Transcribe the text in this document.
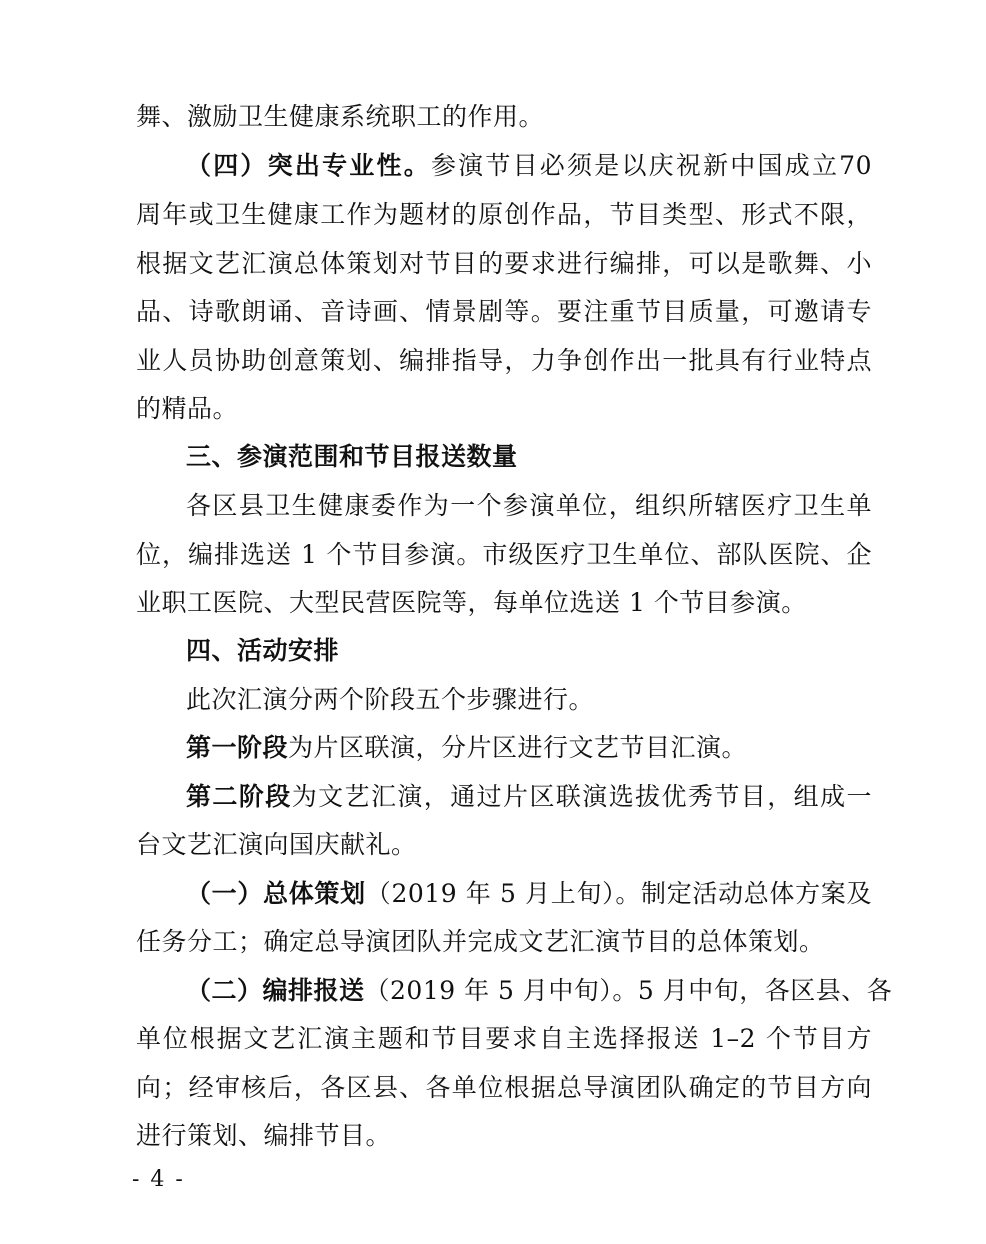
舞、激励卫生健康系统职工的作用。
（四）突出专业性。参演节目必须是以庆祝新中国成立70
周年或卫生健康工作为题材的原创作品，节目类型、形式不限，
根据文艺汇演总体策划对节目的要求进行编排，可以是歌舞、小
品、诗歌朗诵、音诗画、情景剧等。要注重节目质量，可邀请专
业人员协助创意策划、编排指导，力争创作出一批具有行业特点
的精品。
三、参演范围和节目报送数量
各区县卫生健康委作为一个参演单位，组织所辖医疗卫生单
位，编排选送 1 个节目参演。市级医疗卫生单位、部队医院、企
业职工医院、大型民营医院等，每单位选送 1 个节目参演。
四、活动安排
此次汇演分两个阶段五个步骤进行。
第一阶段为片区联演，分片区进行文艺节目汇演。
第二阶段为文艺汇演，通过片区联演选拔优秀节目，组成一
台文艺汇演向国庆献礼。
（一）总体策划（2019 年 5 月上旬）。制定活动总体方案及
任务分工；确定总导演团队并完成文艺汇演节目的总体策划。
（二）编排报送（2019 年 5 月中旬）。5 月中旬，各区县、各
单位根据文艺汇演主题和节目要求自主选择报送 1–2 个节目方
向；经审核后，各区县、各单位根据总导演团队确定的节目方向
进行策划、编排节目。
- 4 -
